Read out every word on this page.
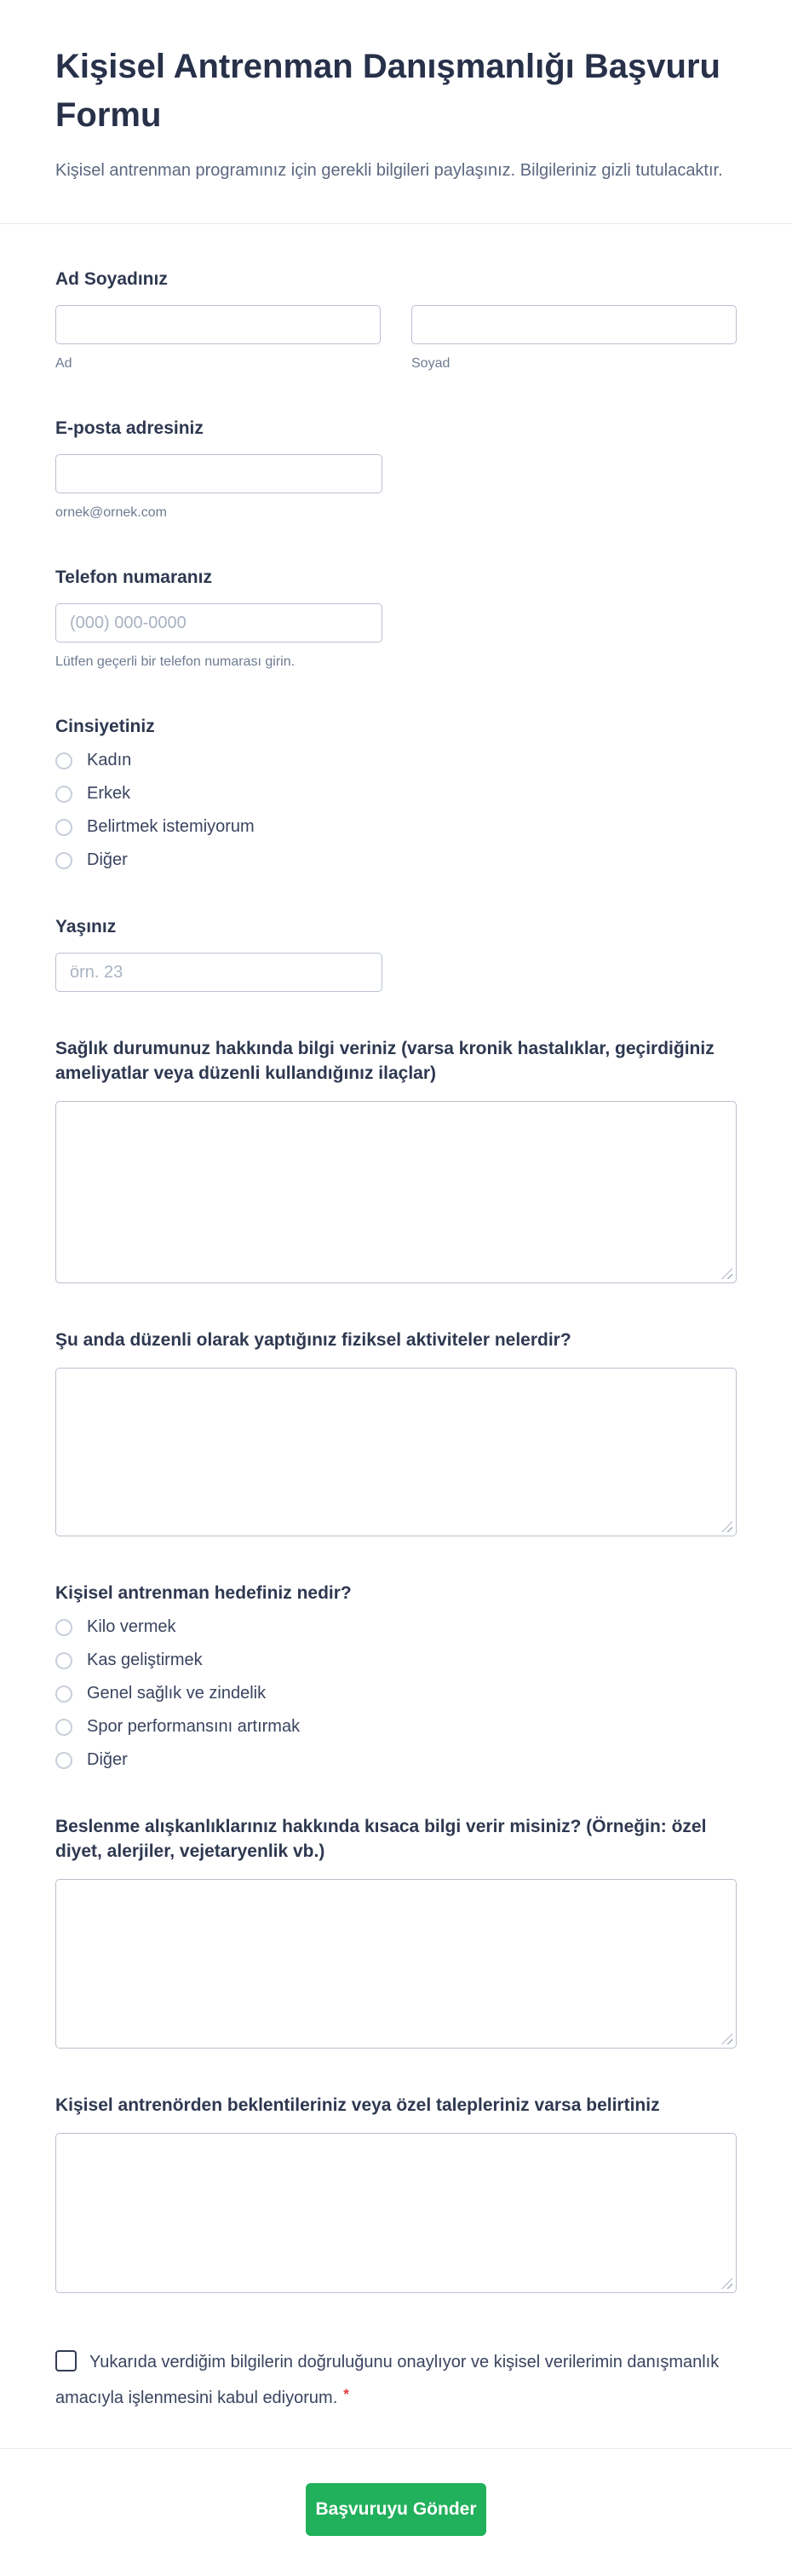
Kişisel Antrenman Danışmanlığı Başvuru Formu

Kişisel antrenman programınız için gerekli bilgileri paylaşınız. Bilgileriniz gizli tutulacaktır.

Ad Soyadınız
Ad	Soyad
E-posta adresiniz
ornek@ornek.com
Telefon numaranız
(000) 000-0000
Lütfen geçerli bir telefon numarası girin.
Cinsiyetiniz
Kadın
Erkek
Belirtmek istemiyorum
Diğer
Yaşınız
örn. 23
Sağlık durumunuz hakkında bilgi veriniz (varsa kronik hastalıklar, geçirdiğiniz ameliyatlar veya düzenli kullandığınız ilaçlar)
Şu anda düzenli olarak yaptığınız fiziksel aktiviteler nelerdir?
Kişisel antrenman hedefiniz nedir?
Kilo vermek
Kas geliştirmek
Genel sağlık ve zindelik
Spor performansını artırmak
Diğer
Beslenme alışkanlıklarınız hakkında kısaca bilgi verir misiniz? (Örneğin: özel diyet, alerjiler, vejetaryenlik vb.)
Kişisel antrenörden beklentileriniz veya özel talepleriniz varsa belirtiniz
Yukarıda verdiğim bilgilerin doğruluğunu onaylıyor ve kişisel verilerimin danışmanlık amacıyla işlenmesini kabul ediyorum. *
Başvuruyu Gönder
